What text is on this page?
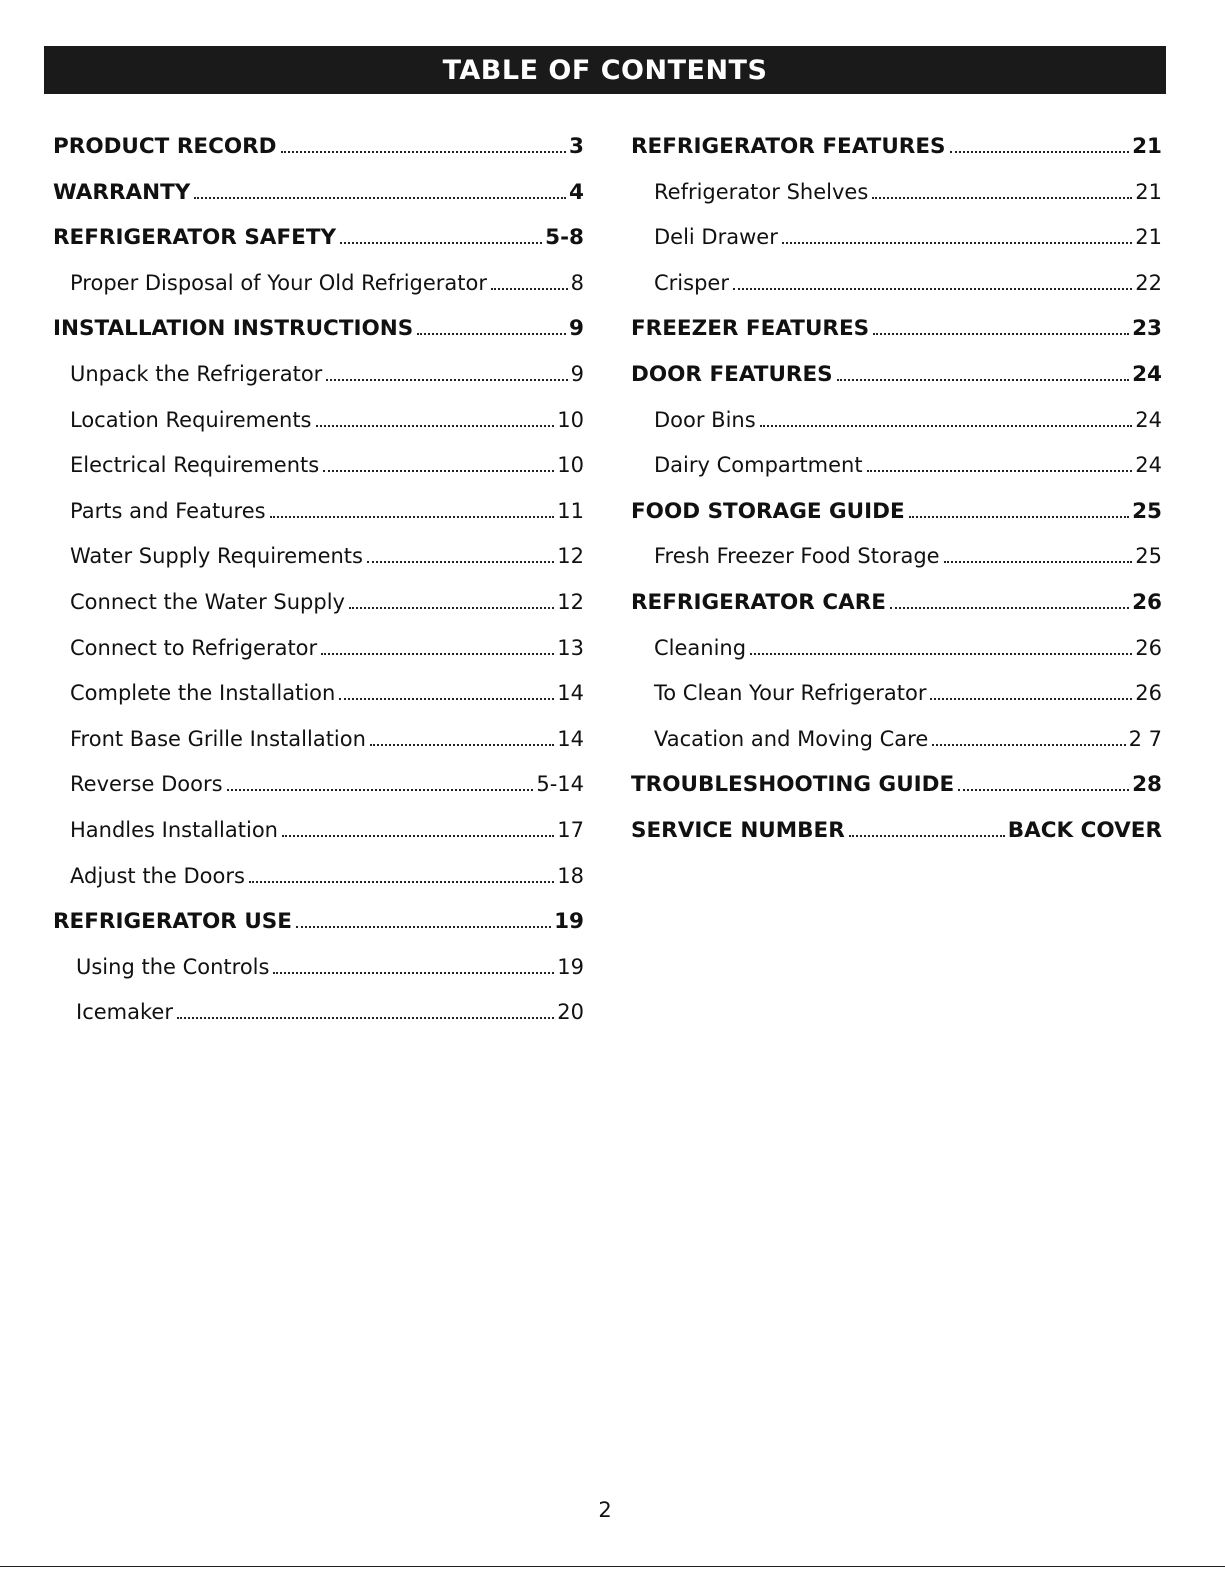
TABLE OF CONTENTS
PRODUCT RECORD	3
WARRANTY	4
REFRIGERATOR SAFETY	5-8
Proper Disposal of Your Old Refrigerator	8
INSTALLATION INSTRUCTIONS	9
Unpack the Refrigerator	9
Location Requirements	10
Electrical Requirements	10
Parts and Features	11
Water Supply Requirements	12
Connect the Water Supply	12
Connect to Refrigerator	13
Complete the Installation	14
Front Base Grille Installation	14
Reverse Doors	5-14
Handles Installation	17
Adjust the Doors	18
REFRIGERATOR USE	19
Using the Controls	19
Icemaker	20
REFRIGERATOR FEATURES	21
Refrigerator Shelves	21
Deli Drawer	21
Crisper	22
FREEZER FEATURES	23
DOOR FEATURES	24
Door Bins	24
Dairy Compartment	24
FOOD STORAGE GUIDE	25
Fresh Freezer Food Storage	25
REFRIGERATOR CARE	26
Cleaning	26
To Clean Your Refrigerator	26
Vacation and Moving Care	2 7
TROUBLESHOOTING GUIDE	28
SERVICE NUMBER	BACK COVER
2
